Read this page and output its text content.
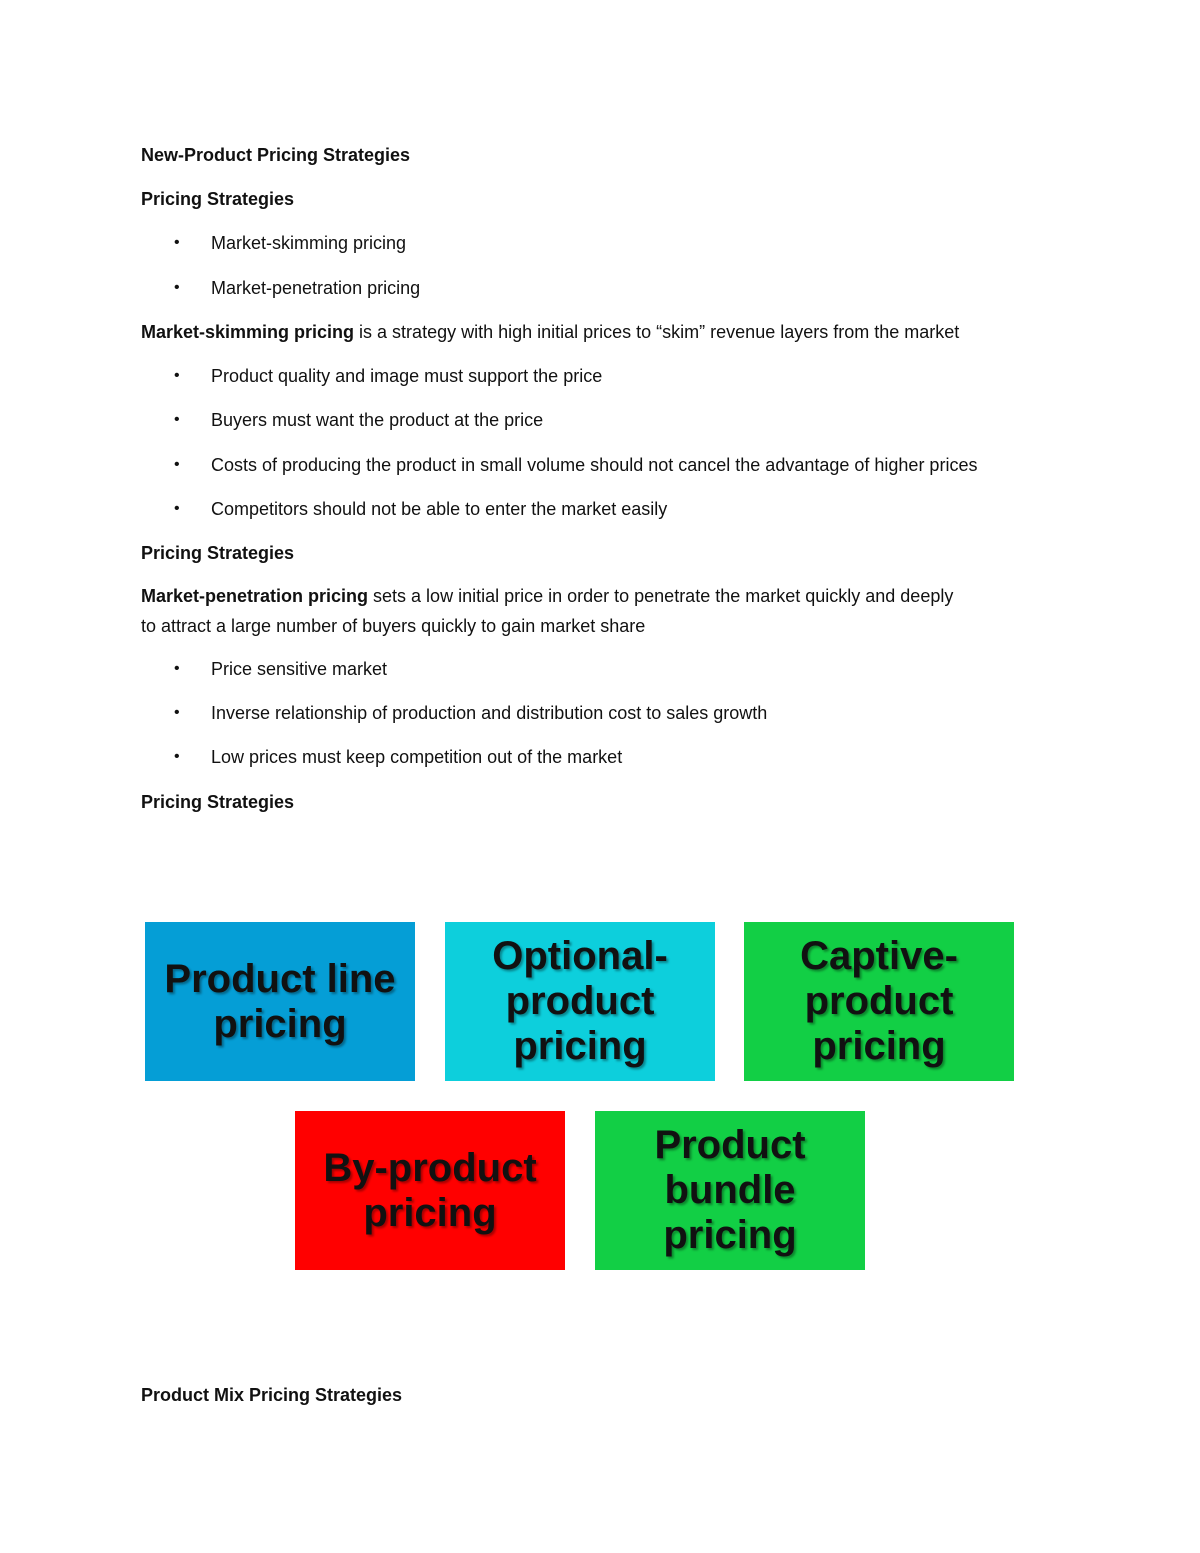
New-Product Pricing Strategies
Pricing Strategies
• Market-skimming pricing
• Market-penetration pricing
Market-skimming pricing is a strategy with high initial prices to “skim” revenue layers from the market
• Product quality and image must support the price
• Buyers must want the product at the price
• Costs of producing the product in small volume should not cancel the advantage of higher prices
• Competitors should not be able to enter the market easily
Pricing Strategies
Market-penetration pricing sets a low initial price in order to penetrate the market quickly and deeply
to attract a large number of buyers quickly to gain market share
• Price sensitive market
• Inverse relationship of production and distribution cost to sales growth
• Low prices must keep competition out of the market
Pricing Strategies
Product line
pricing
Optional-
product
pricing
Captive-
product
pricing
By-product
pricing
Product
bundle
pricing
Product Mix Pricing Strategies
